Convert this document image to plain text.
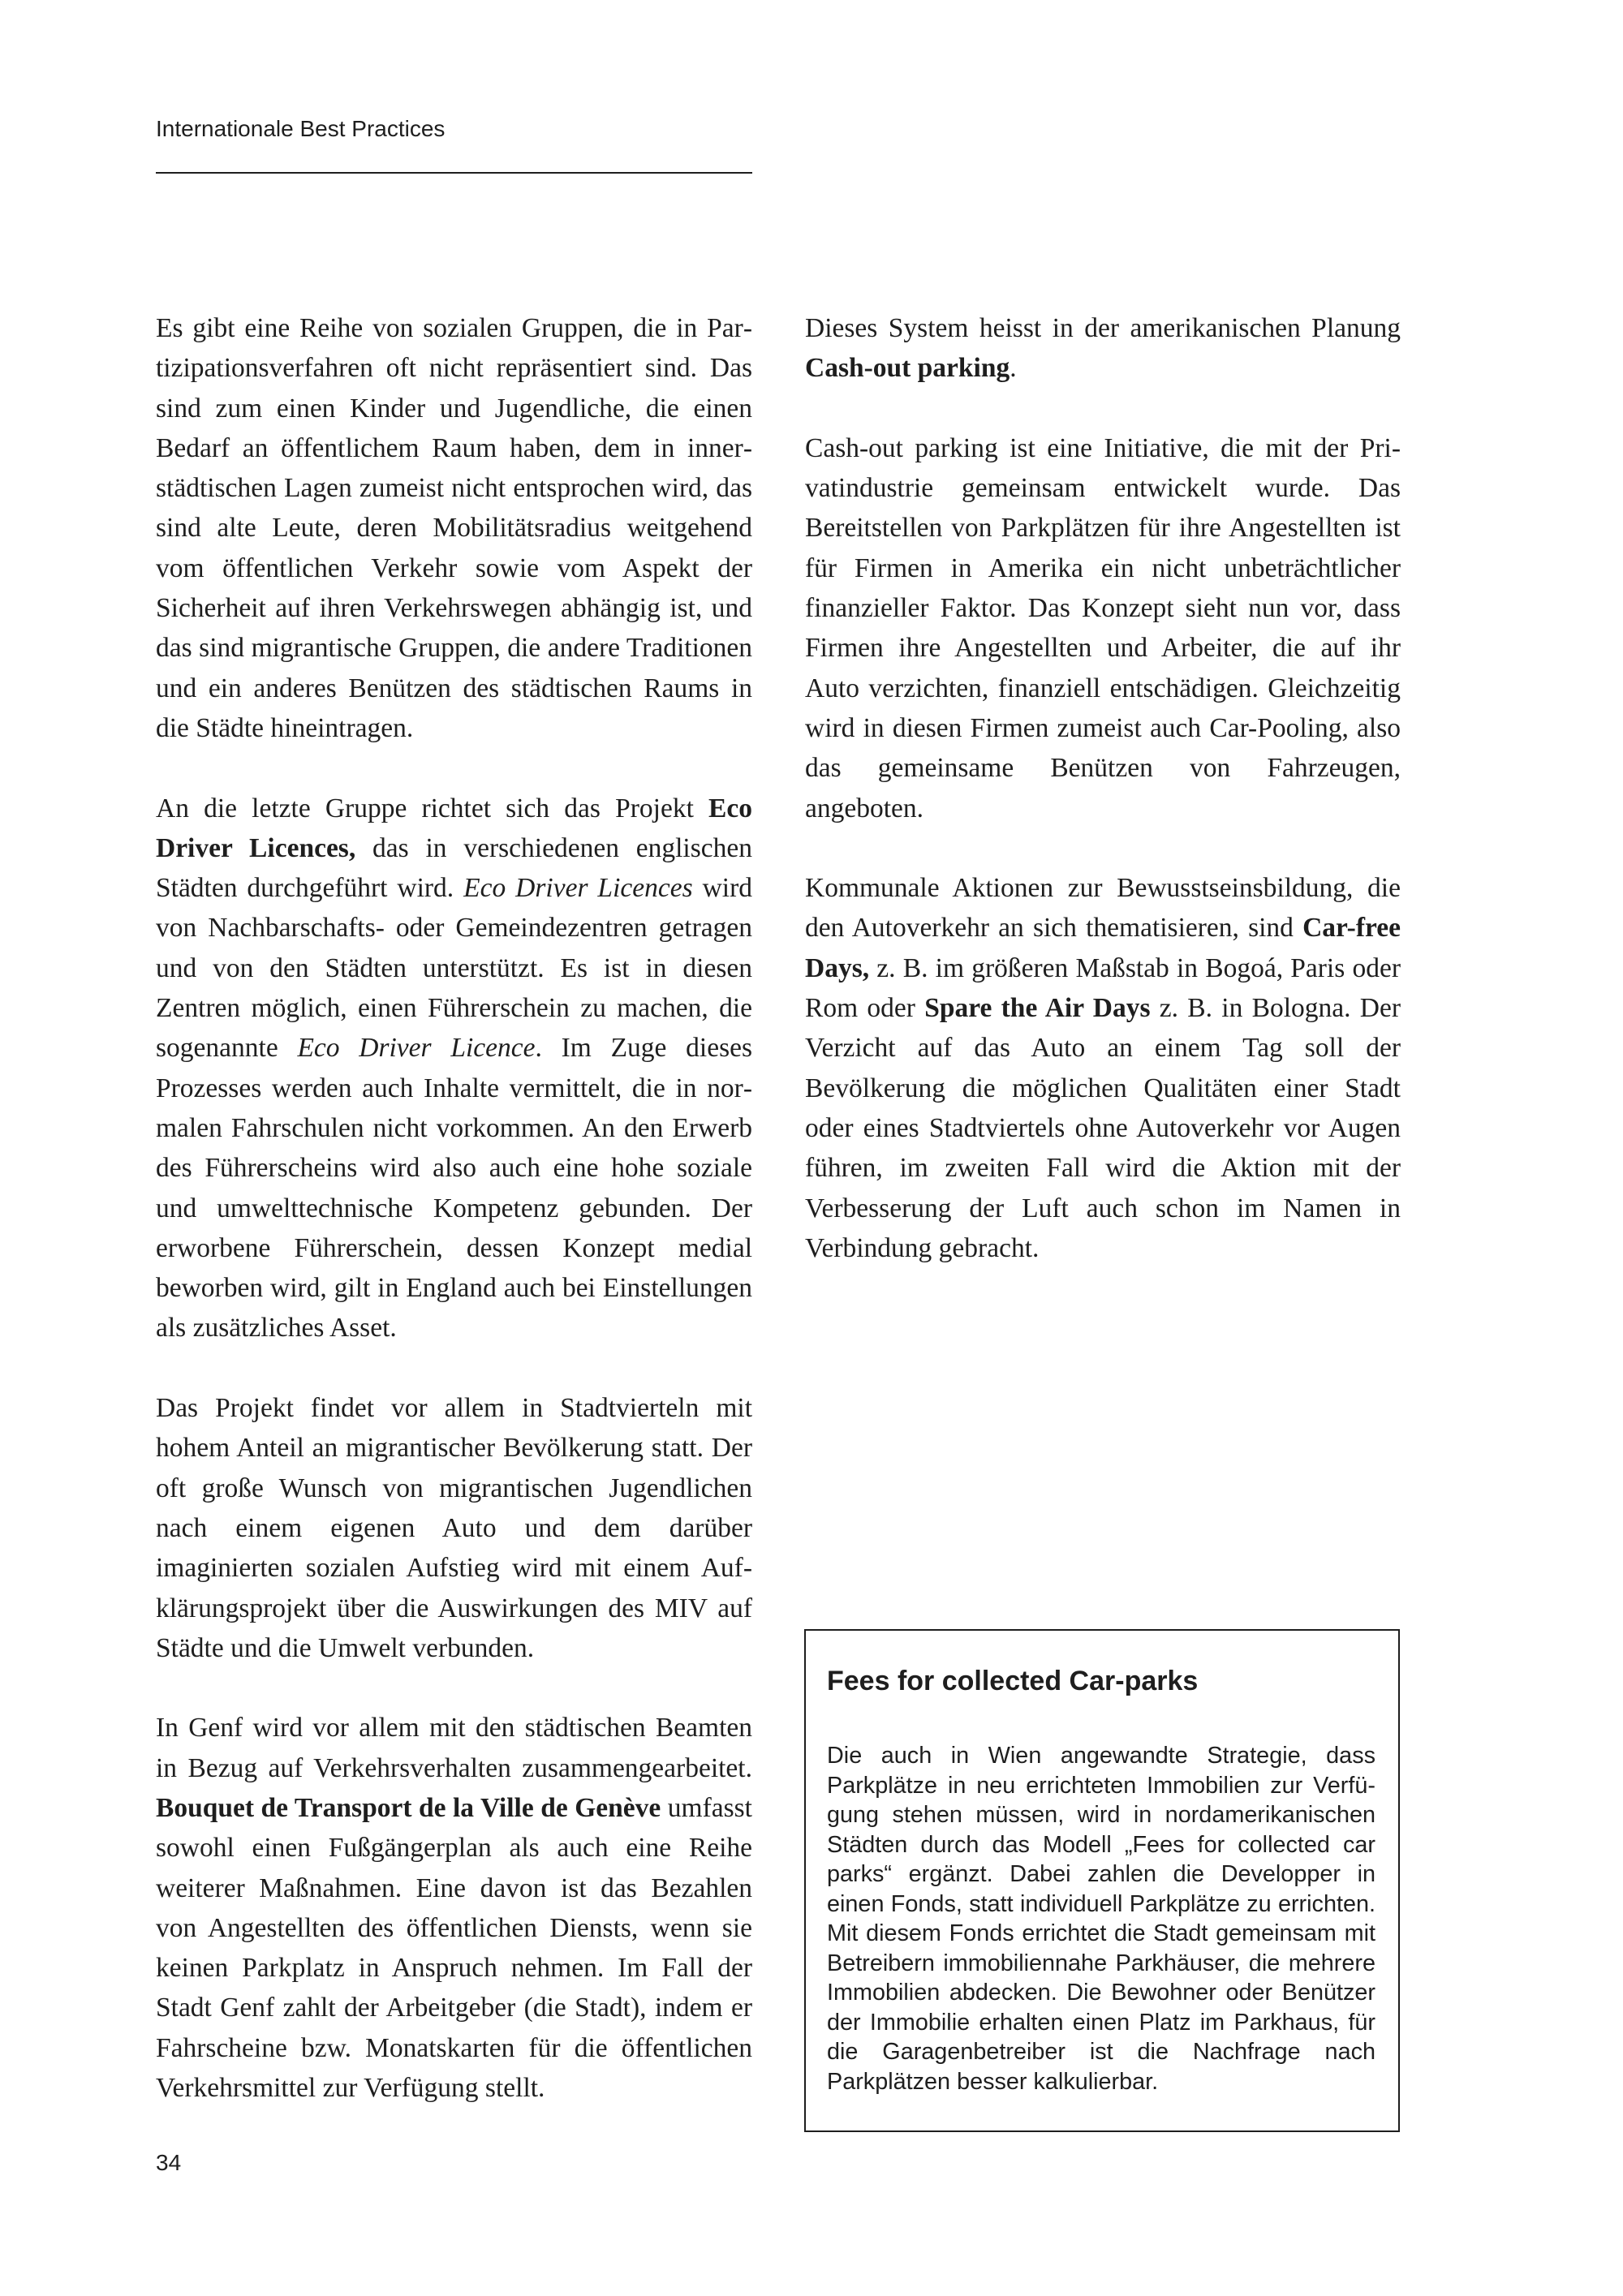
Internationale Best Practices

Es gibt eine Reihe von sozialen Gruppen, die in Partizipationsverfahren oft nicht repräsentiert sind. Das sind zum einen Kinder und Jugendliche, die einen Bedarf an öffentlichem Raum haben, dem in innerstädtischen Lagen zumeist nicht entsprochen wird, das sind alte Leute, deren Mobilitätsradius weitgehend vom öffentlichen Verkehr sowie vom Aspekt der Sicherheit auf ihren Verkehrswegen abhängig ist, und das sind migrantische Gruppen, die andere Traditionen und ein anderes Benützen des städtischen Raums in die Städte hineintragen.

An die letzte Gruppe richtet sich das Projekt Eco Driver Licences, das in verschiedenen englischen Städten durchgeführt wird. Eco Driver Licences wird von Nachbarschafts- oder Gemeindezentren getragen und von den Städten unterstützt. Es ist in diesen Zentren möglich, einen Führerschein zu machen, die sogenannte Eco Driver Licence. Im Zuge dieses Prozesses werden auch Inhalte vermittelt, die in normalen Fahrschulen nicht vorkommen. An den Erwerb des Führerscheins wird also auch eine hohe soziale und umwelttechnische Kompetenz gebunden. Der erworbene Führerschein, dessen Konzept medial beworben wird, gilt in England auch bei Einstellungen als zusätzliches Asset.

Das Projekt findet vor allem in Stadtvierteln mit hohem Anteil an migrantischer Bevölkerung statt. Der oft große Wunsch von migrantischen Jugendlichen nach einem eigenen Auto und dem darüber imaginierten sozialen Aufstieg wird mit einem Aufklärungsprojekt über die Auswirkungen des MIV auf Städte und die Umwelt verbunden.

In Genf wird vor allem mit den städtischen Beamten in Bezug auf Verkehrsverhalten zusammengearbeitet. Bouquet de Transport de la Ville de Genève umfasst sowohl einen Fußgängerplan als auch eine Reihe weiterer Maßnahmen. Eine davon ist das Bezahlen von Angestellten des öffentlichen Diensts, wenn sie keinen Parkplatz in Anspruch nehmen. Im Fall der Stadt Genf zahlt der Arbeitgeber (die Stadt), indem er Fahrscheine bzw. Monatskarten für die öffentlichen Verkehrsmittel zur Verfügung stellt.

Dieses System heisst in der amerikanischen Planung Cash-out parking.

Cash-out parking ist eine Initiative, die mit der Privatindustrie gemeinsam entwickelt wurde. Das Bereitstellen von Parkplätzen für ihre Angestellten ist für Firmen in Amerika ein nicht unbeträchtlicher finanzieller Faktor. Das Konzept sieht nun vor, dass Firmen ihre Angestellten und Arbeiter, die auf ihr Auto verzichten, finanziell entschädigen. Gleichzeitig wird in diesen Firmen zumeist auch Car-Pooling, also das gemeinsame Benützen von Fahrzeugen, angeboten.

Kommunale Aktionen zur Bewusstseinsbildung, die den Autoverkehr an sich thematisieren, sind Car-free Days, z. B. im größeren Maßstab in Bogoá, Paris oder Rom oder Spare the Air Days z. B. in Bologna. Der Verzicht auf das Auto an einem Tag soll der Bevölkerung die möglichen Qualitäten einer Stadt oder eines Stadtviertels ohne Autoverkehr vor Augen führen, im zweiten Fall wird die Aktion mit der Verbesserung der Luft auch schon im Namen in Verbindung gebracht.

Fees for collected Car-parks

Die auch in Wien angewandte Strategie, dass Parkplätze in neu errichteten Immobilien zur Verfügung stehen müssen, wird in nordamerikanischen Städten durch das Modell „Fees for collected car parks“ ergänzt. Dabei zahlen die Developper in einen Fonds, statt individuell Parkplätze zu errichten. Mit diesem Fonds errichtet die Stadt gemeinsam mit Betreibern immobiliennahe Parkhäuser, die mehrere Immobilien abdecken. Die Bewohner oder Benützer der Immobilie erhalten einen Platz im Parkhaus, für die Garagenbetreiber ist die Nachfrage nach Parkplätzen besser kalkulierbar.

34
